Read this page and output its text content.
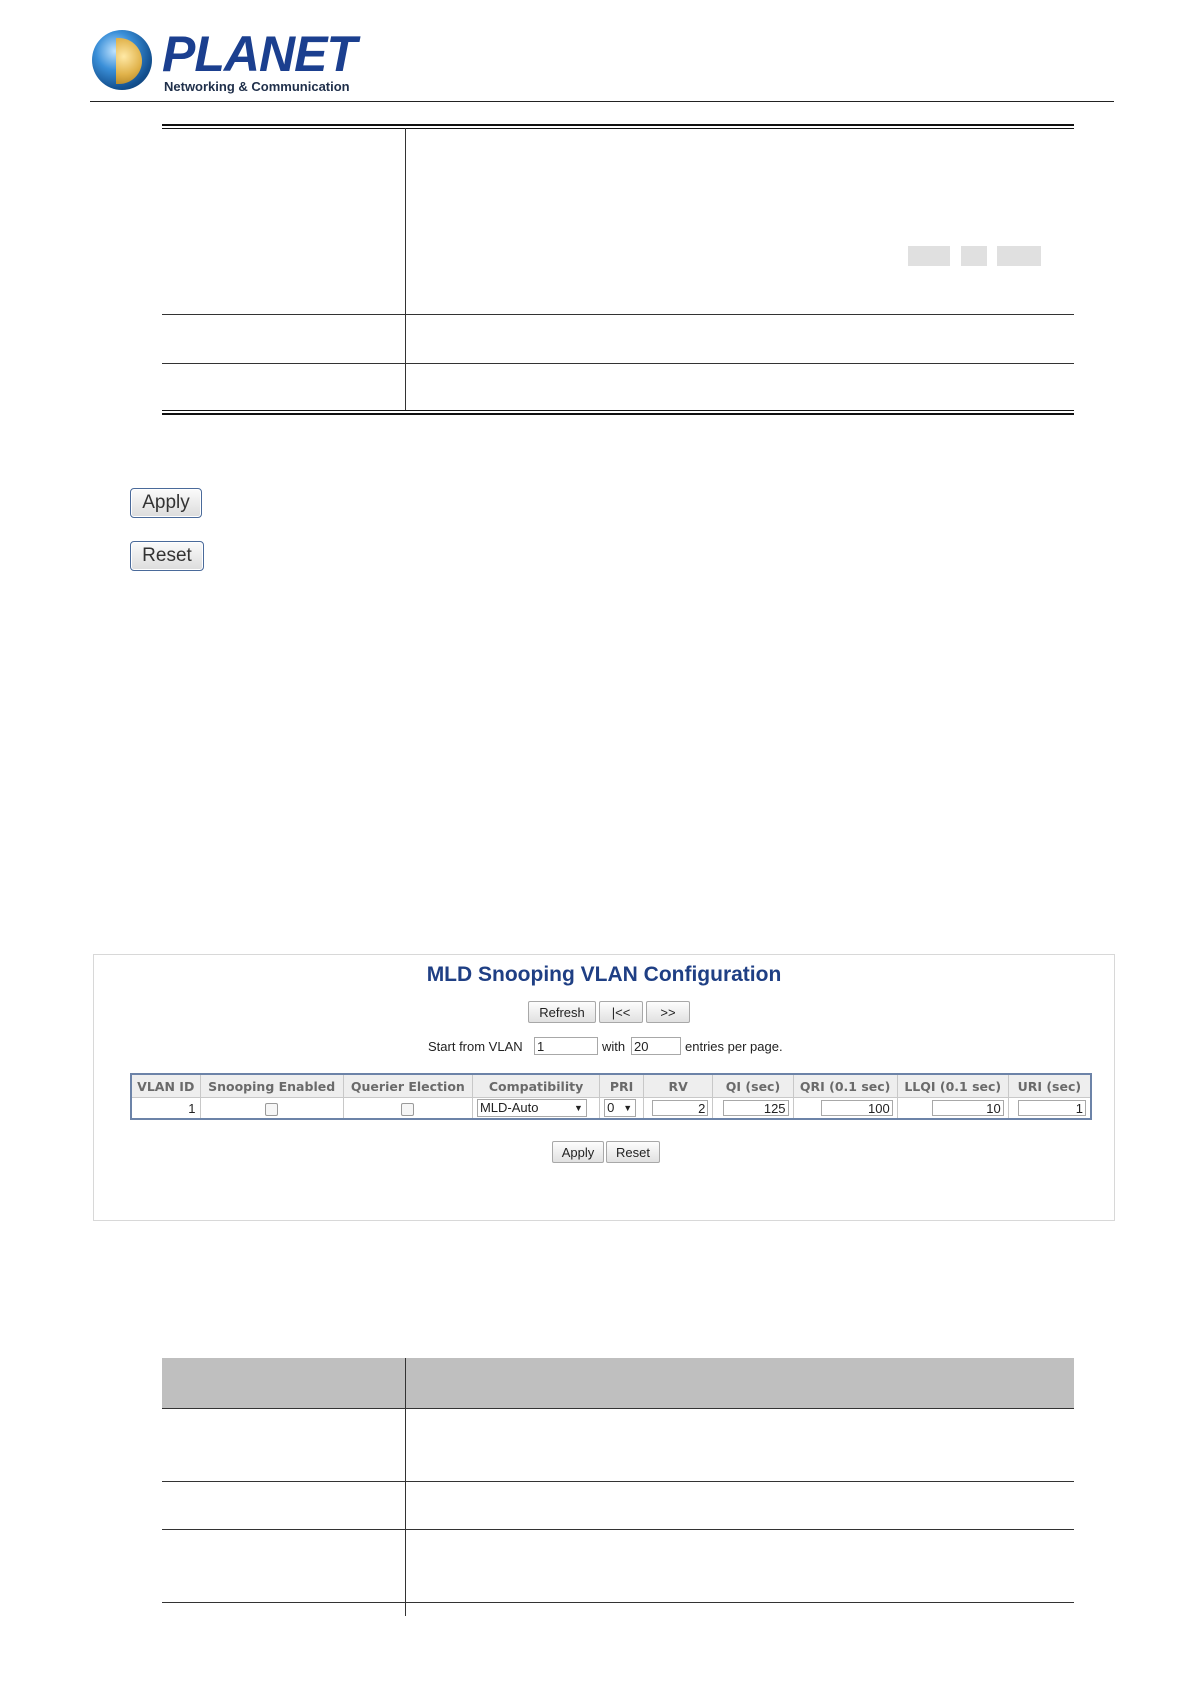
PLANET
Networking & Communication
Apply
Reset
MLD Snooping VLAN Configuration
Refresh	|<<	>>
Start from VLAN 1	with 20	entries per page.
VLAN ID	Snooping Enabled	Querier Election	Compatibility	PRI	RV	QI (sec)	QRI (0.1 sec)	LLQI (0.1 sec)	URI (sec)
1			MLD-Auto ▼	0 ▼	2	125	100	10	1
Apply	Reset
